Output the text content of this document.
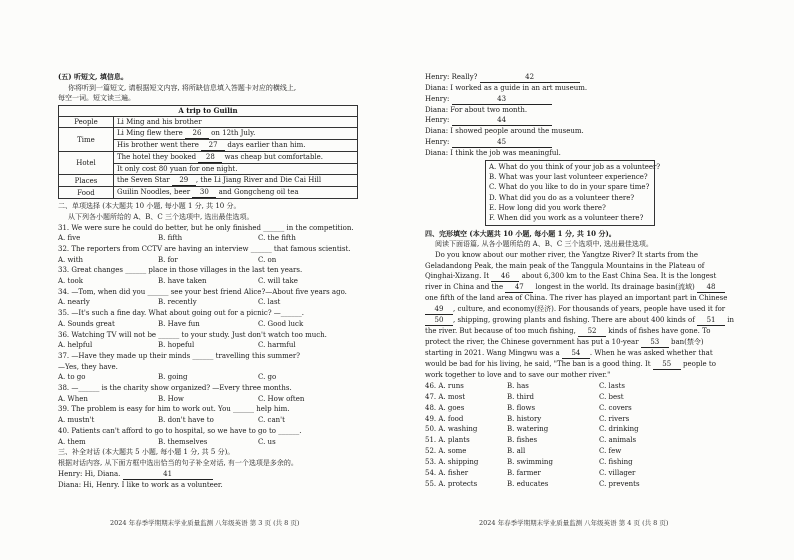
(五) 听短文, 填信息。
你将听到一篇短文, 请根据短文内容, 将所缺信息填入答题卡对应的横线上,
每空一词。短文读三遍。
A trip to Guilin	
People	Li Ming and his brother
Time	Li Ming flew there 26 on 12th July.
	His brother went there 27 days earlier than him.
Hotel	The hotel they booked 28 was cheap but comfortable.
	It only cost 80 yuan for one night.
Places	the Seven Star 29 , the Li Jiang River and Die Cai Hill
Food	Guilin Noodles, beer 30 and Gongcheng oil tea
二、单项选择 (本大题共 10 小题, 每小题 1 分, 共 10 分。
从下列各小题所给的 A、B、C 三个选项中, 选出最佳选项。
31. We were sure he could do better, but he only finished ______ in the competition.
A. five	B. fifth	C. the fifth
32. The reporters from CCTV are having an interview ______ that famous scientist.
A. with	B. for	C. on
33. Great changes ______ place in those villages in the last ten years.
A. took	B. have taken	C. will take
34. —Tom, when did you ______ see your best friend Alice?—About five years ago.
A. nearly	B. recently	C. last
35. —It's such a fine day. What about going out for a picnic? —______.
A. Sounds great	B. Have fun	C. Good luck
36. Watching TV will not be ______ to your study. Just don't watch too much.
A. helpful	B. hopeful	C. harmful
37. —Have they made up their minds ______ travelling this summer?
—Yes, they have.
A. to go	B. going	C. go
38. —______ is the charity show organized? —Every three months.
A. When	B. How	C. How often
39. The problem is easy for him to work out. You ______ help him.
A. mustn't	B. don't have to	C. can't
40. Patients can't afford to go to hospital, so we have to go to ______.
A. them	B. themselves	C. us
三、补全对话 (本大题共 5 小题, 每小题 1 分, 共 5 分)。
根据对话内容, 从下面方框中选出恰当的句子补全对话, 有一个选项是多余的。
Henry: Hi, Diana.	41
Diana: Hi, Henry. I like to work as a volunteer.
2024 年春季学期期末学业质量监测 八年级英语 第 3 页 (共 8 页)
Henry: Really?	42
Diana: I worked as a guide in an art museum.
Henry:	43
Diana: For about two month.
Henry:	44
Diana: I showed people around the museum.
Henry:	45
Diana: I think the job was meaningful.
A. What do you think of your job as a volunteer?
B. What was your last volunteer experience?
C. What do you like to do in your spare time?
D. What did you do as a volunteer there?
E. How long did you work there?
F. When did you work as a volunteer there?
四、完形填空 (本大题共 10 小题, 每小题 1 分, 共 10 分)。
阅读下面语篇, 从各小题所给的 A、B、C 三个选项中, 选出最佳选项。
Do you know about our mother river, the Yangtze River? It starts from the
Geladandong Peak, the main peak of the Tanggula Mountains in the Plateau of
Qinghai-Xizang. It 46 about 6,300 km to the East China Sea. It is the longest
river in China and the 47 longest in the world. Its drainage basin(流域) 48
one fifth of the land area of China. The river has played an important part in Chinese
49 , culture, and economy(经济). For thousands of years, people have used it for
50 , shipping, growing plants and fishing. There are about 400 kinds of 51 in
the river. But because of too much fishing, 52 kinds of fishes have gone. To
protect the river, the Chinese government has put a 10-year 53 ban(禁令)
starting in 2021. Wang Mingwu was a 54 . When he was asked whether that
would be bad for his living, he said, "The ban is a good thing. It 55 people to
work together to love and to save our mother river."
46. A. runs	B. has	C. lasts
47. A. most	B. third	C. best
48. A. goes	B. flows	C. covers
49. A. food	B. history	C. rivers
50. A. washing	B. watering	C. drinking
51. A. plants	B. fishes	C. animals
52. A. some	B. all	C. few
53. A. shipping	B. swimming	C. fishing
54. A. fisher	B. farmer	C. villager
55. A. protects	B. educates	C. prevents
2024 年春季学期期末学业质量监测 八年级英语 第 4 页 (共 8 页)
